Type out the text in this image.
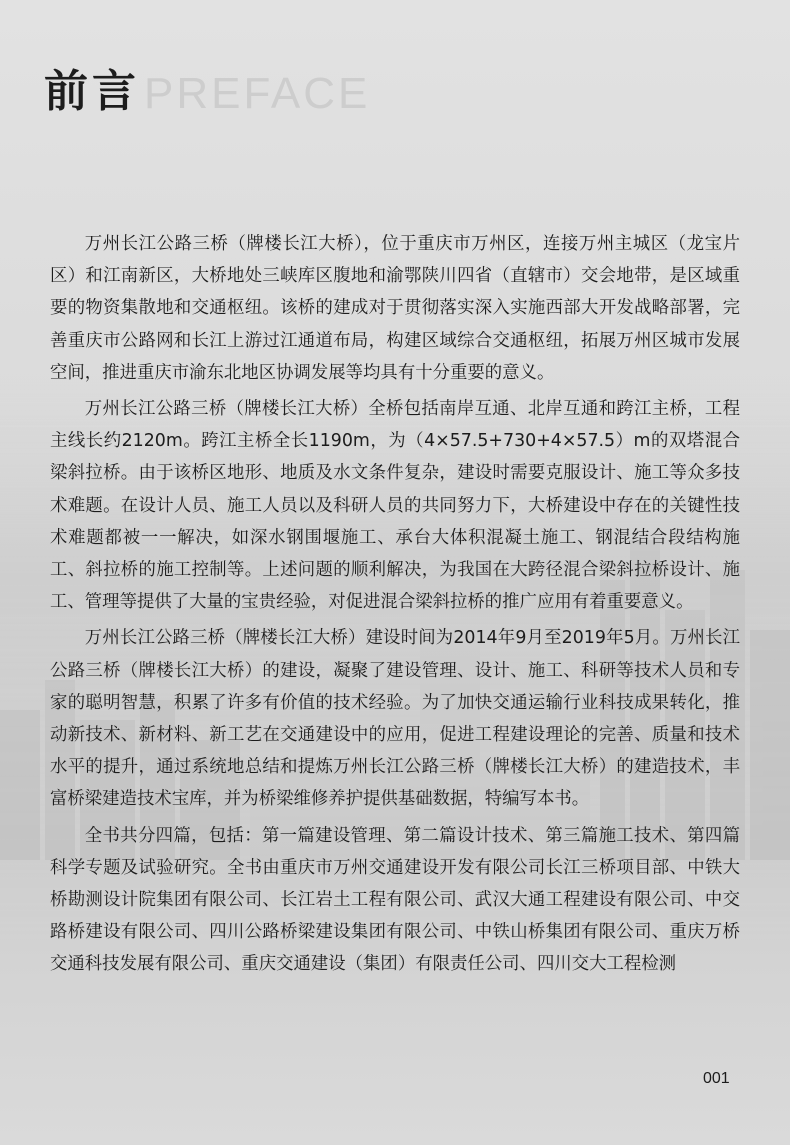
PREFACE
前言

万州长江公路三桥（牌楼长江大桥），位于重庆市万州区，连接万州主城区（龙宝片区）和江南新区，大桥地处三峡库区腹地和渝鄂陕川四省（直辖市）交会地带，是区域重要的物资集散地和交通枢纽。该桥的建成对于贯彻落实深入实施西部大开发战略部署，完善重庆市公路网和长江上游过江通道布局，构建区域综合交通枢纽，拓展万州区城市发展空间，推进重庆市渝东北地区协调发展等均具有十分重要的意义。

万州长江公路三桥（牌楼长江大桥）全桥包括南岸互通、北岸互通和跨江主桥，工程主线长约2120m。跨江主桥全长1190m，为（4×57.5+730+4×57.5）m的双塔混合梁斜拉桥。由于该桥区地形、地质及水文条件复杂，建设时需要克服设计、施工等众多技术难题。在设计人员、施工人员以及科研人员的共同努力下，大桥建设中存在的关键性技术难题都被一一解决，如深水钢围堰施工、承台大体积混凝土施工、钢混结合段结构施工、斜拉桥的施工控制等。上述问题的顺利解决，为我国在大跨径混合梁斜拉桥设计、施工、管理等提供了大量的宝贵经验，对促进混合梁斜拉桥的推广应用有着重要意义。

万州长江公路三桥（牌楼长江大桥）建设时间为2014年9月至2019年5月。万州长江公路三桥（牌楼长江大桥）的建设，凝聚了建设管理、设计、施工、科研等技术人员和专家的聪明智慧，积累了许多有价值的技术经验。为了加快交通运输行业科技成果转化，推动新技术、新材料、新工艺在交通建设中的应用，促进工程建设理论的完善、质量和技术水平的提升，通过系统地总结和提炼万州长江公路三桥（牌楼长江大桥）的建造技术，丰富桥梁建造技术宝库，并为桥梁维修养护提供基础数据，特编写本书。

全书共分四篇，包括：第一篇建设管理、第二篇设计技术、第三篇施工技术、第四篇科学专题及试验研究。全书由重庆市万州交通建设开发有限公司长江三桥项目部、中铁大桥勘测设计院集团有限公司、长江岩土工程有限公司、武汉大通工程建设有限公司、中交路桥建设有限公司、四川公路桥梁建设集团有限公司、中铁山桥集团有限公司、重庆万桥交通科技发展有限公司、重庆交通建设（集团）有限责任公司、四川交大工程检测

001
